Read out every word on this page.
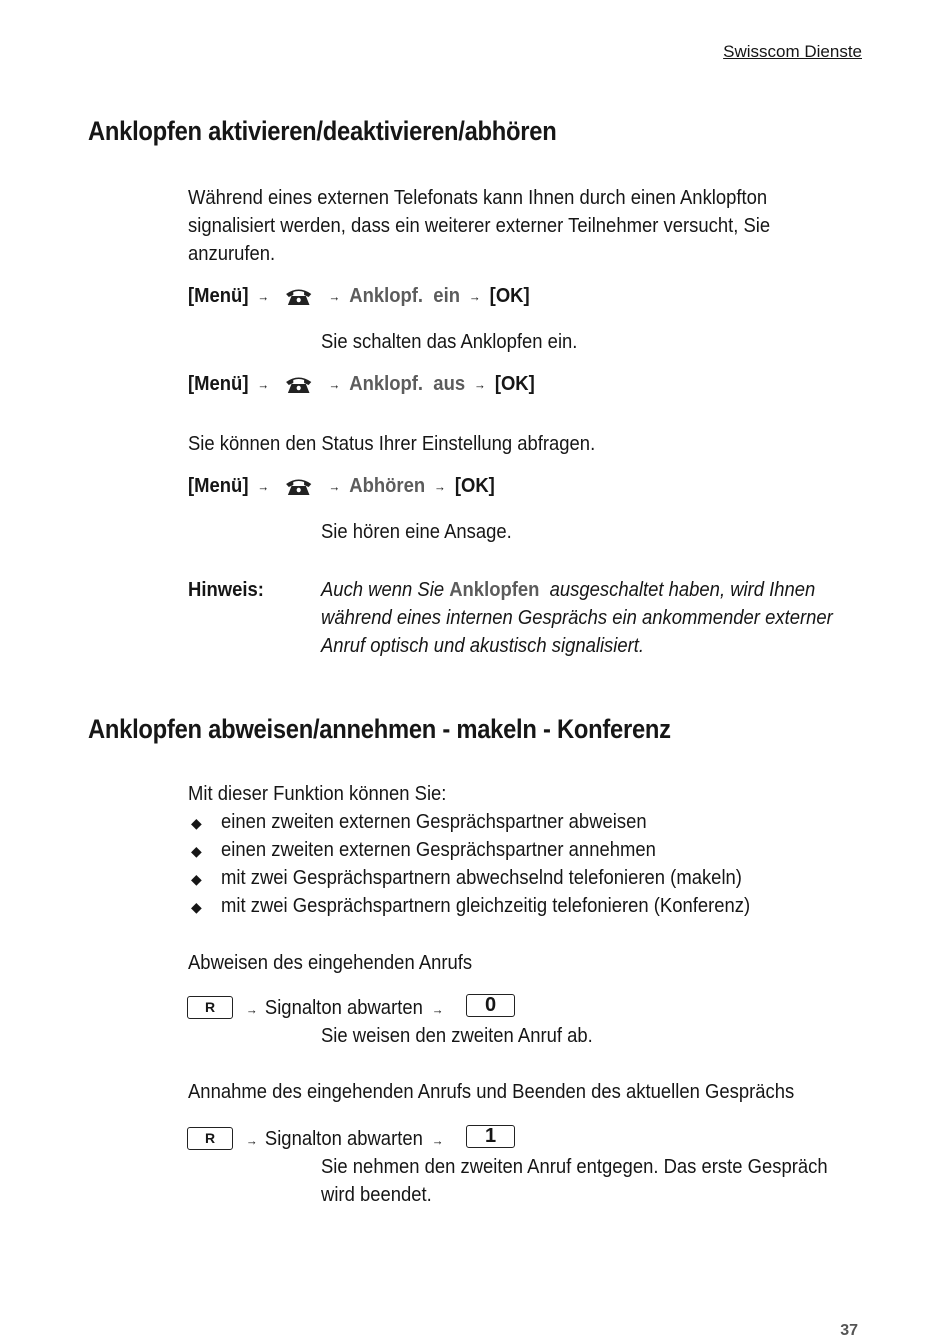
Swisscom Dienste
Anklopfen aktivieren/deaktivieren/abhören
Während eines externen Telefonats kann Ihnen durch einen Anklopfton
signalisiert werden, dass ein weiterer externer Teilnehmer versucht, Sie
anzurufen.
[Menü] →	→ Anklopf.  ein → [OK]
Sie schalten das Anklopfen ein.
[Menü] →	→ Anklopf.  aus → [OK]
Sie können den Status Ihrer Einstellung abfragen.
[Menü] →	→ Abhören → [OK]
Sie hören eine Ansage.
Hinweis:	Auch wenn Sie Anklopfen  ausgeschaltet haben, wird Ihnen
während eines internen Gesprächs ein ankommender externer
Anruf optisch und akustisch signalisiert.
Anklopfen abweisen/annehmen - makeln - Konferenz
Mit dieser Funktion können Sie:
◆ einen zweiten externen Gesprächspartner abweisen
◆ einen zweiten externen Gesprächspartner annehmen
◆ mit zwei Gesprächspartnern abwechselnd telefonieren (makeln)
◆ mit zwei Gesprächspartnern gleichzeitig telefonieren (Konferenz)
Abweisen des eingehenden Anrufs
R	→ Signalton abwarten →	0
Sie weisen den zweiten Anruf ab.
Annahme des eingehenden Anrufs und Beenden des aktuellen Gesprächs
R	→ Signalton abwarten →	1
Sie nehmen den zweiten Anruf entgegen. Das erste Gespräch
wird beendet.
37
